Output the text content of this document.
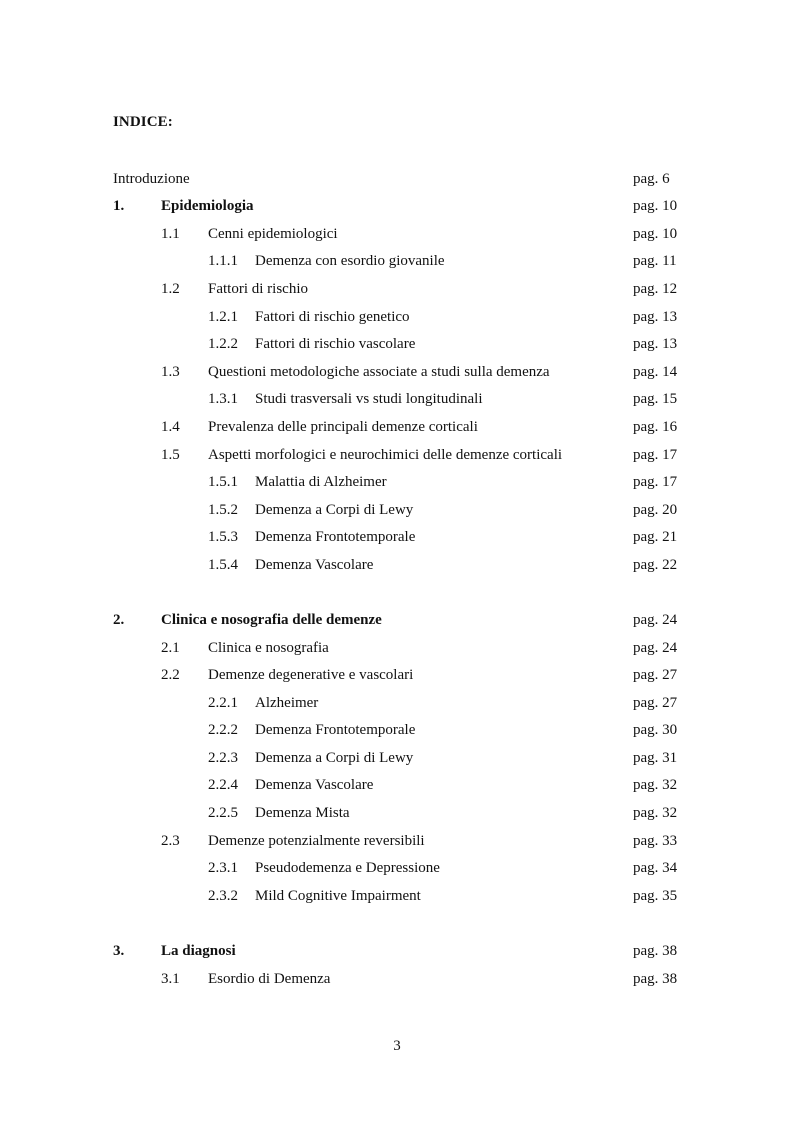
INDICE:
Introduzione	pag. 6
1. Epidemiologia	pag. 10
1.1 Cenni epidemiologici	pag. 10
1.1.1 Demenza con esordio giovanile	pag. 11
1.2 Fattori di rischio	pag. 12
1.2.1 Fattori di rischio genetico	pag. 13
1.2.2 Fattori di rischio vascolare	pag. 13
1.3 Questioni metodologiche associate a studi sulla demenza	pag. 14
1.3.1 Studi trasversali vs studi longitudinali	pag. 15
1.4 Prevalenza delle principali demenze corticali	pag. 16
1.5 Aspetti morfologici e neurochimici delle demenze corticali	pag. 17
1.5.1 Malattia di Alzheimer	pag. 17
1.5.2 Demenza a Corpi di Lewy	pag. 20
1.5.3 Demenza Frontotemporale	pag. 21
1.5.4 Demenza Vascolare	pag. 22
2. Clinica e nosografia delle demenze	pag. 24
2.1 Clinica e nosografia	pag. 24
2.2 Demenze degenerative e vascolari	pag. 27
2.2.1 Alzheimer	pag. 27
2.2.2 Demenza Frontotemporale	pag. 30
2.2.3 Demenza a Corpi di Lewy	pag. 31
2.2.4 Demenza Vascolare	pag. 32
2.2.5 Demenza Mista	pag. 32
2.3 Demenze potenzialmente reversibili	pag. 33
2.3.1 Pseudodemenza e Depressione	pag. 34
2.3.2 Mild Cognitive Impairment	pag. 35
3. La diagnosi	pag. 38
3.1 Esordio di Demenza	pag. 38
3
